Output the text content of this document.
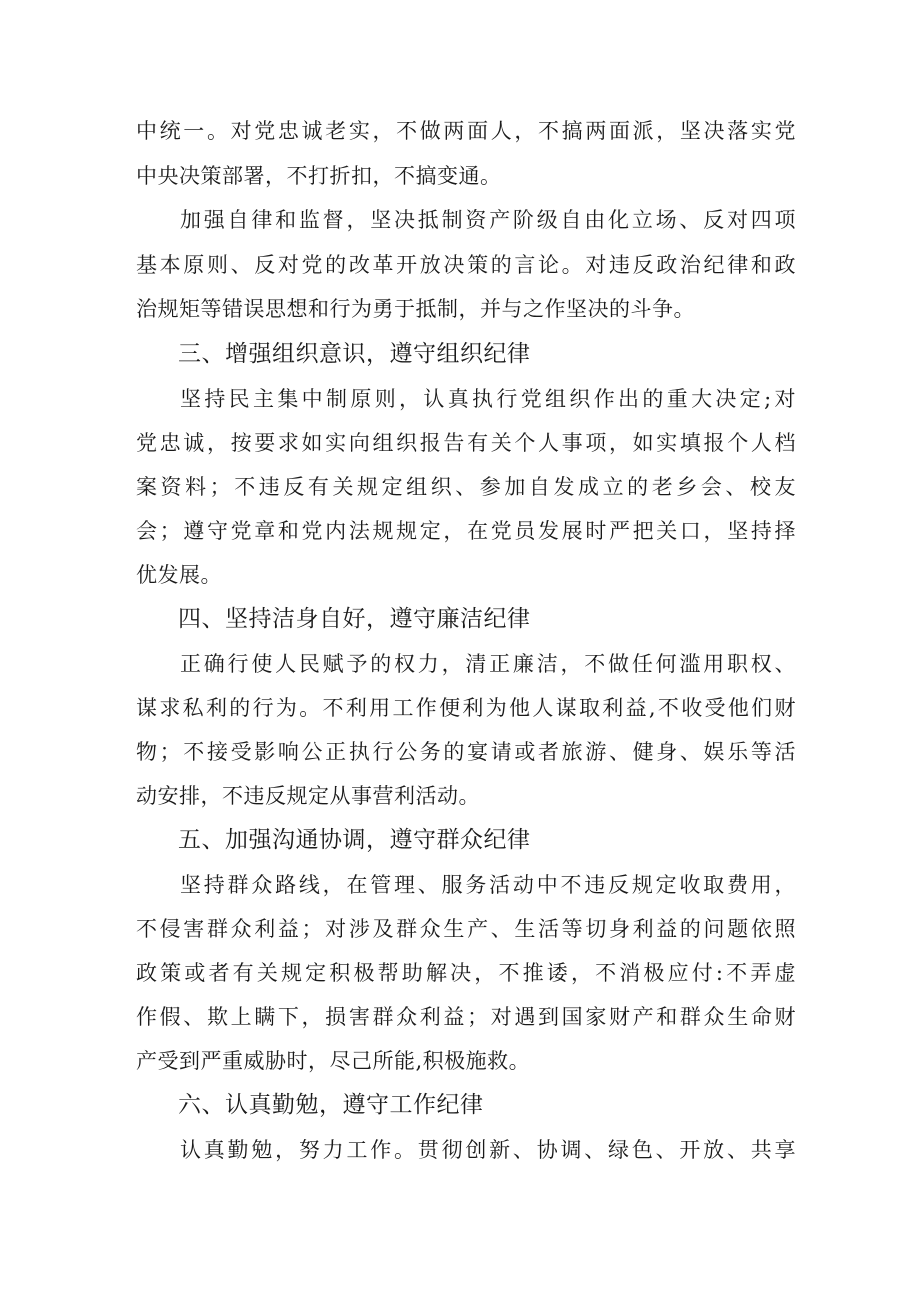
中统一。对党忠诚老实，不做两面人，不搞两面派，坚决落实党
中央决策部署，不打折扣，不搞变通。
加强自律和监督，坚决抵制资产阶级自由化立场、反对四项
基本原则、反对党的改革开放决策的言论。对违反政治纪律和政
治规矩等错误思想和行为勇于抵制，并与之作坚决的斗争。
三、增强组织意识，遵守组织纪律
坚持民主集中制原则，认真执行党组织作出的重大决定;对
党忠诚，按要求如实向组织报告有关个人事项，如实填报个人档
案资料；不违反有关规定组织、参加自发成立的老乡会、校友
会；遵守党章和党内法规规定，在党员发展时严把关口，坚持择
优发展。
四、坚持洁身自好，遵守廉洁纪律
正确行使人民赋予的权力，清正廉洁，不做任何滥用职权、
谋求私利的行为。不利用工作便利为他人谋取利益,不收受他们财
物；不接受影响公正执行公务的宴请或者旅游、健身、娱乐等活
动安排，不违反规定从事营利活动。
五、加强沟通协调，遵守群众纪律
坚持群众路线，在管理、服务活动中不违反规定收取费用，
不侵害群众利益；对涉及群众生产、生活等切身利益的问题依照
政策或者有关规定积极帮助解决，不推诿，不消极应付:不弄虚
作假、欺上瞒下，损害群众利益；对遇到国家财产和群众生命财
产受到严重威胁时，尽己所能,积极施救。
六、认真勤勉，遵守工作纪律
认真勤勉，努力工作。贯彻创新、协调、绿色、开放、共享
